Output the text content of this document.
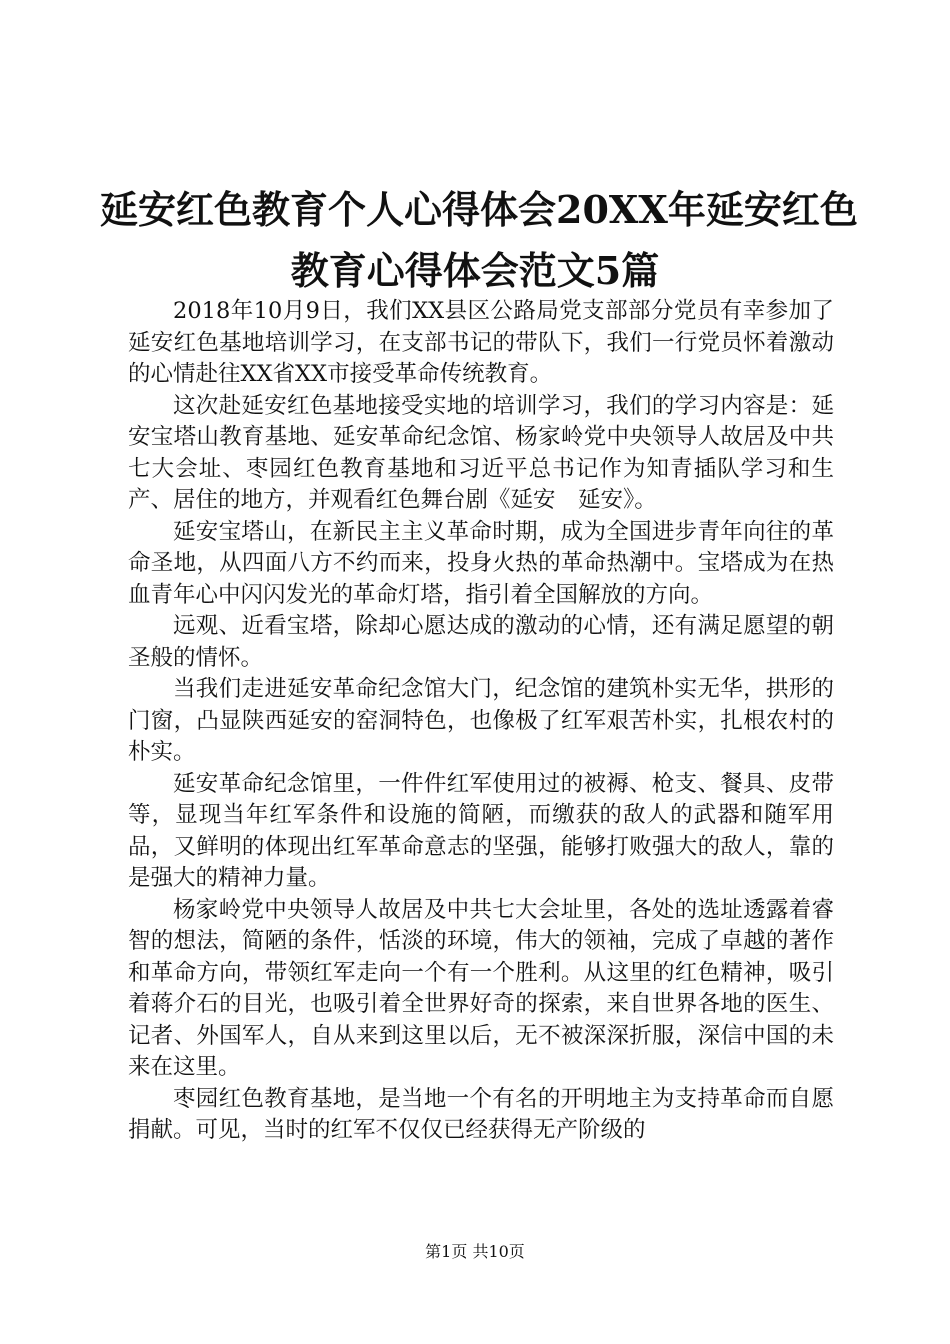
延安红色教育个人心得体会20XX年延安红色
教育心得体会范文5篇

2018年10月9日，我们XX县区公路局党支部部分党员有幸参加了延安红色基地培训学习，在支部书记的带队下，我们一行党员怀着激动的心情赴往XX省XX市接受革命传统教育。

这次赴延安红色基地接受实地的培训学习，我们的学习内容是：延安宝塔山教育基地、延安革命纪念馆、杨家岭党中央领导人故居及中共七大会址、枣园红色教育基地和习近平总书记作为知青插队学习和生产、居住的地方，并观看红色舞台剧《延安　延安》。

延安宝塔山，在新民主主义革命时期，成为全国进步青年向往的革命圣地，从四面八方不约而来，投身火热的革命热潮中。宝塔成为在热血青年心中闪闪发光的革命灯塔，指引着全国解放的方向。

远观、近看宝塔，除却心愿达成的激动的心情，还有满足愿望的朝圣般的情怀。

当我们走进延安革命纪念馆大门，纪念馆的建筑朴实无华，拱形的门窗，凸显陕西延安的窑洞特色，也像极了红军艰苦朴实，扎根农村的朴实。

延安革命纪念馆里，一件件红军使用过的被褥、枪支、餐具、皮带等，显现当年红军条件和设施的简陋，而缴获的敌人的武器和随军用品，又鲜明的体现出红军革命意志的坚强，能够打败强大的敌人，靠的是强大的精神力量。

杨家岭党中央领导人故居及中共七大会址里，各处的选址透露着睿智的想法，简陋的条件，恬淡的环境，伟大的领袖，完成了卓越的著作和革命方向，带领红军走向一个有一个胜利。从这里的红色精神，吸引着蒋介石的目光，也吸引着全世界好奇的探索，来自世界各地的医生、记者、外国军人，自从来到这里以后，无不被深深折服，深信中国的未来在这里。

枣园红色教育基地，是当地一个有名的开明地主为支持革命而自愿捐献。可见，当时的红军不仅仅已经获得无产阶级的

第1页 共10页
